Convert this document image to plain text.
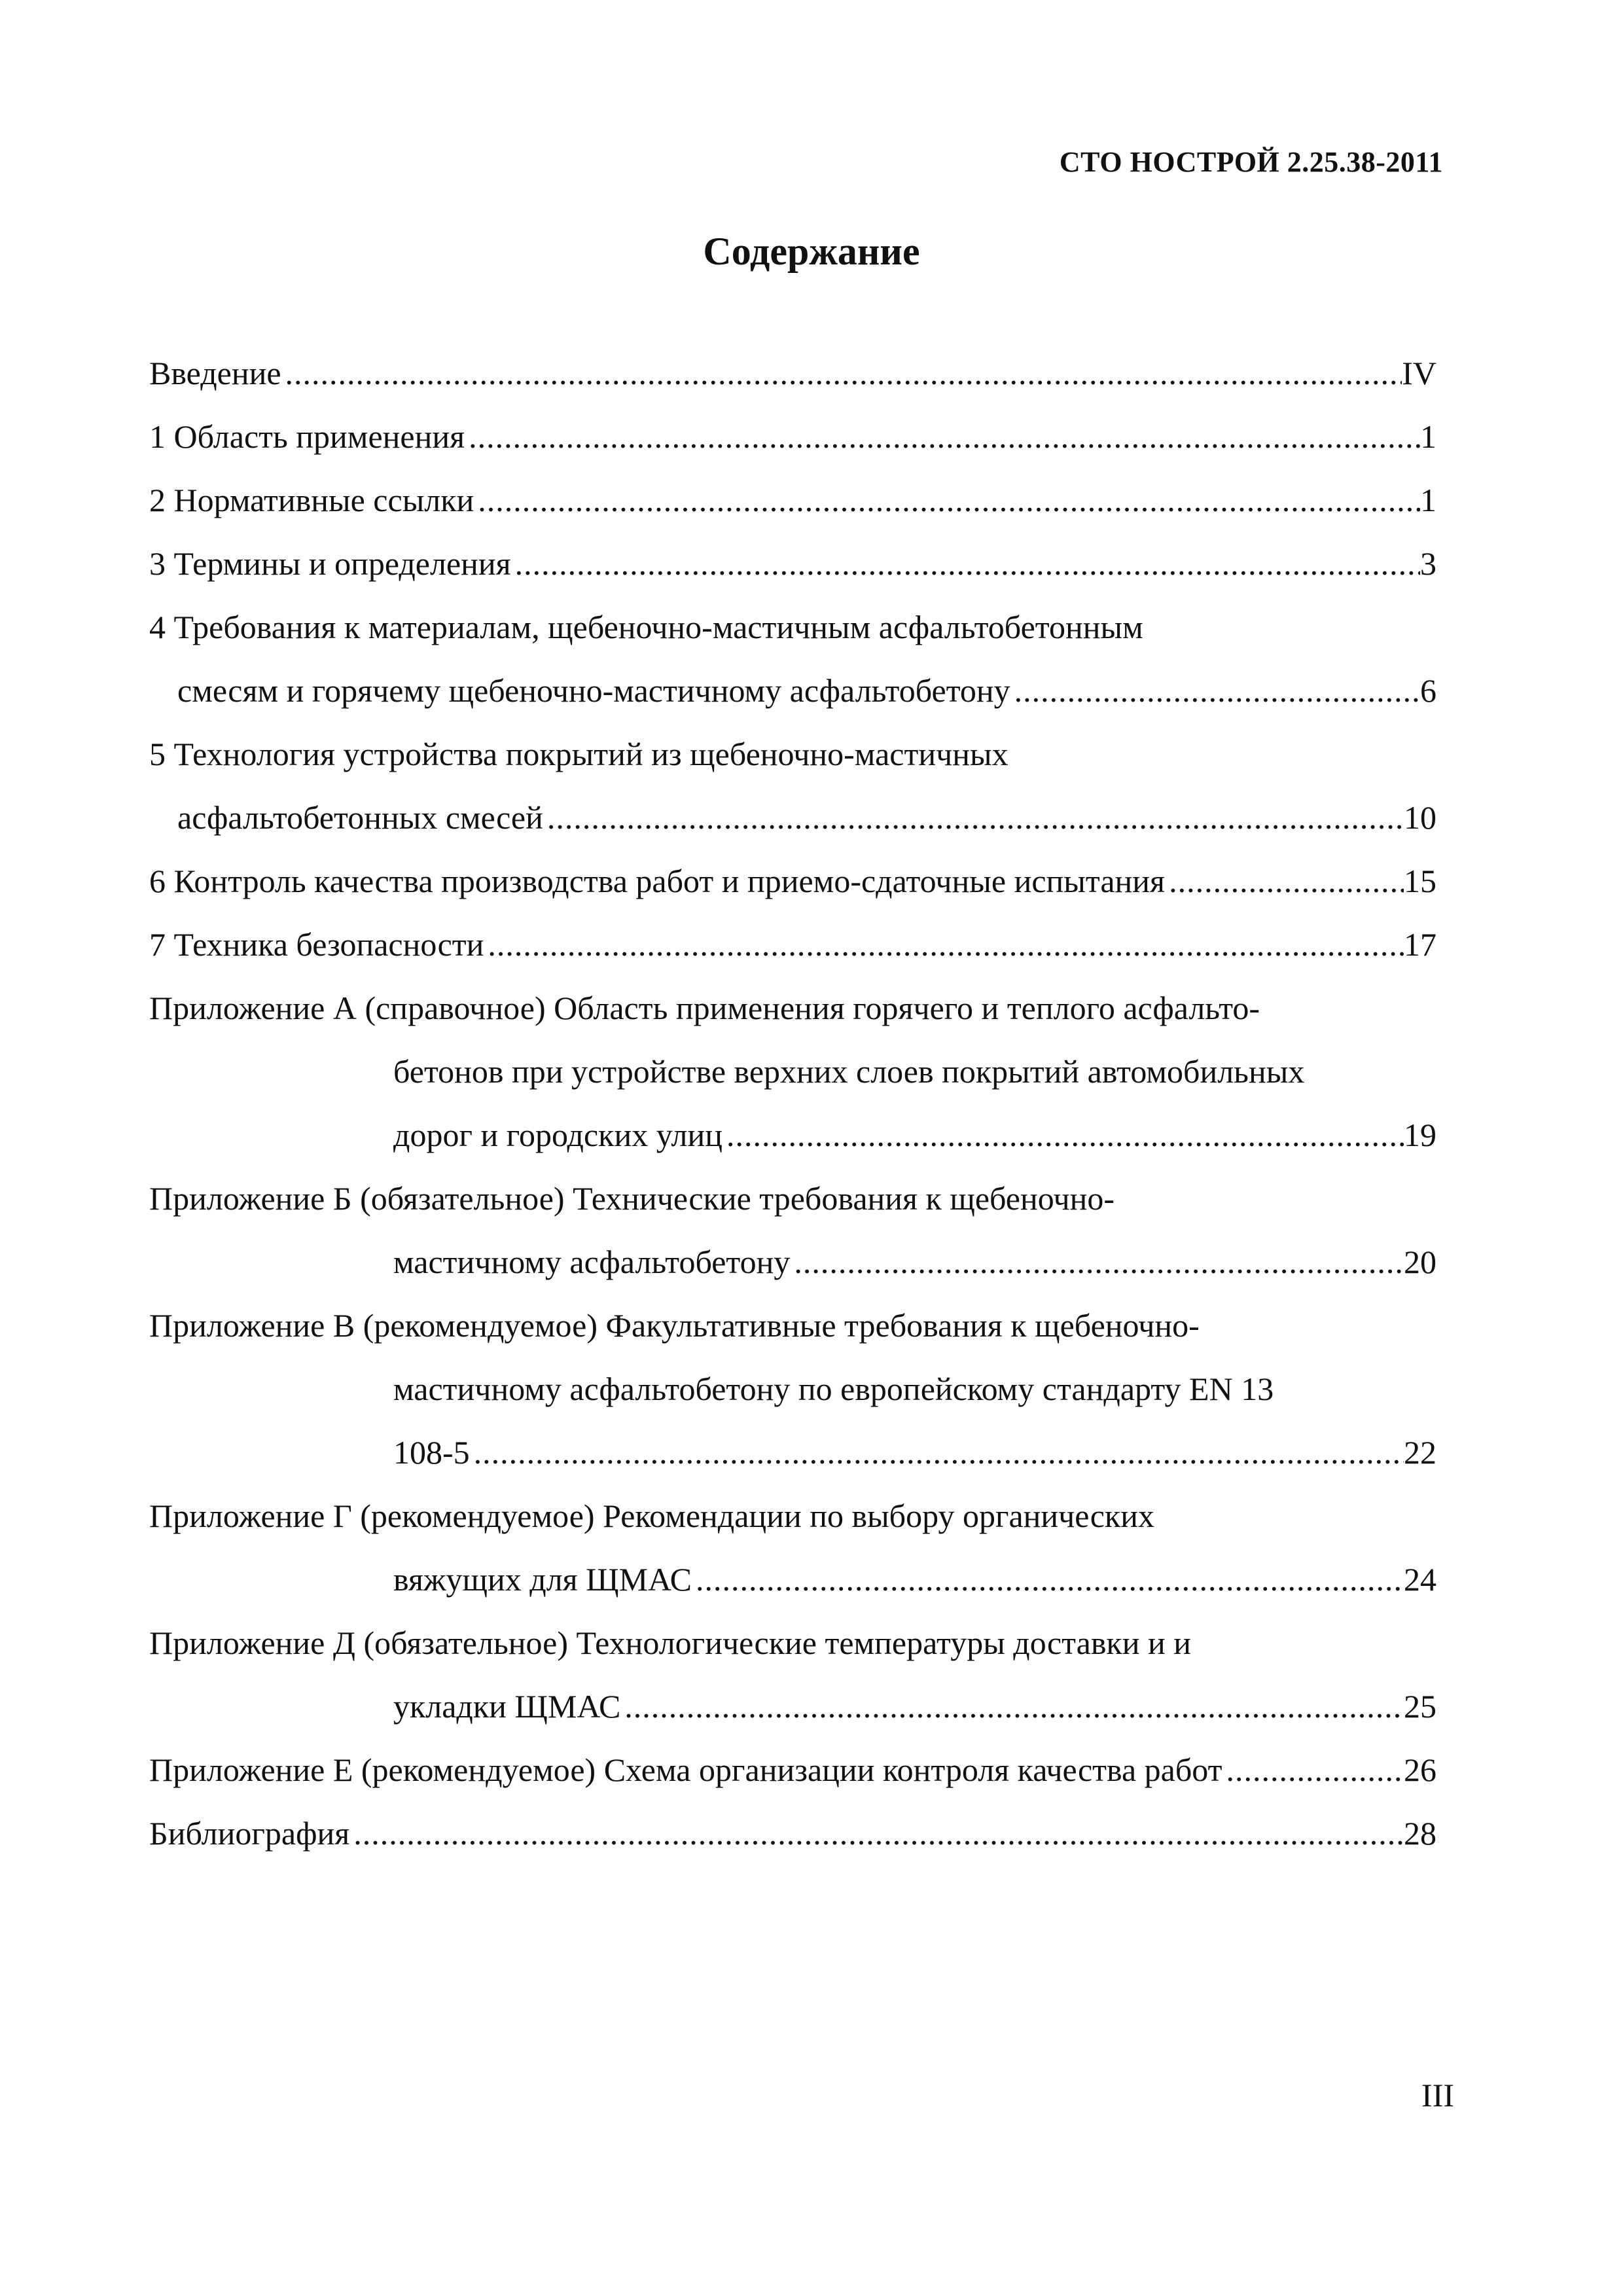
СТО НОСТРОЙ 2.25.38-2011
Содержание
Введение .....	IV
1 Область применения .....	1
2 Нормативные ссылки .....	1
3 Термины и определения .....	3
4 Требования к материалам, щебеночно-мастичным асфальтобетонным
смесям и горячему щебеночно-мастичному асфальтобетону .....	6
5 Технология устройства покрытий из щебеночно-мастичных
асфальтобетонных смесей .....	10
6 Контроль качества производства работ и приемо-сдаточные испытания .....	15
7 Техника безопасности .....	17
Приложение А (справочное) Область применения горячего и теплого асфальто-
бетонов при устройстве верхних слоев покрытий автомобильных
дорог и городских улиц .....	19
Приложение Б (обязательное) Технические требования к щебеночно-
мастичному асфальтобетону .....	20
Приложение В (рекомендуемое) Факультативные требования к щебеночно-
мастичному асфальтобетону по европейскому стандарту EN 13
108-5 .....	22
Приложение Г (рекомендуемое) Рекомендации по выбору органических
вяжущих для ЩМАС .....	24
Приложение Д (обязательное) Технологические температуры доставки и и
укладки ЩМАС .....	25
Приложение Е (рекомендуемое) Схема организации контроля качества работ .....	26
Библиография .....	28
III
